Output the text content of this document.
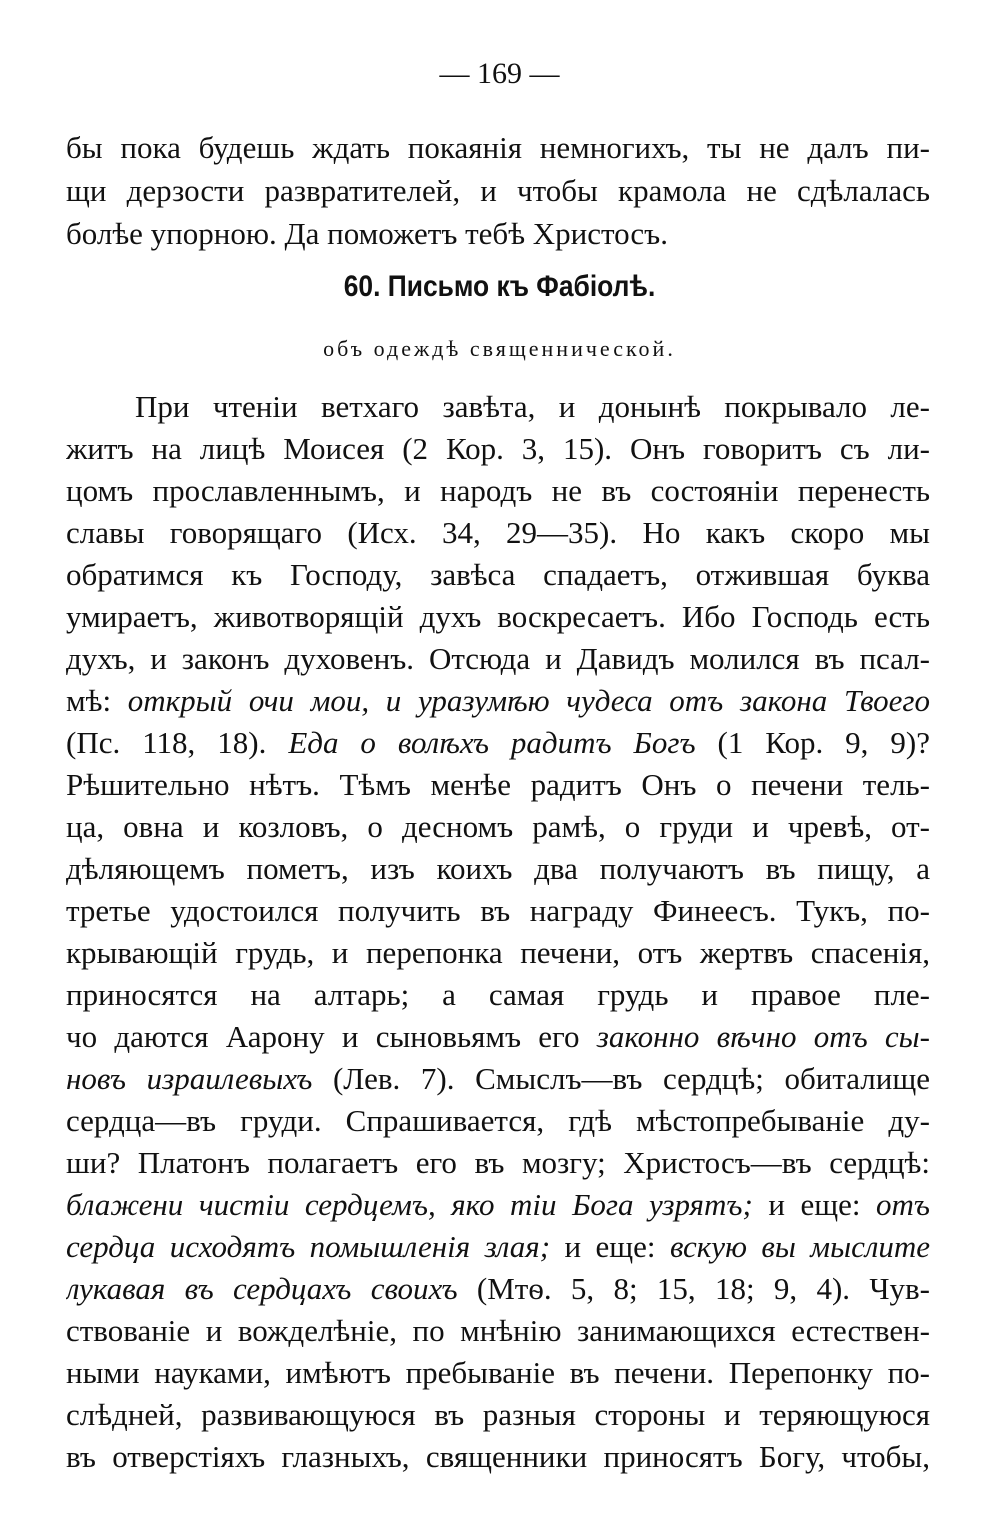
— 169 —
бы пока будешь ждать покаянія немногихъ, ты не далъ пи-
щи дерзости развратителей, и чтобы крамола не сдѣлалась
болѣе упорною. Да поможетъ тебѣ Христосъ.
60. Письмо къ Фабіолѣ.
объ одеждѣ священнической.
При чтеніи ветхаго завѣта, и донынѣ покрывало ле-
житъ на лицѣ Моисея (2 Кор. 3, 15). Онъ говоритъ съ ли-
цомъ прославленнымъ, и народъ не въ состояніи перенесть
славы говорящаго (Исх. 34, 29—35). Но какъ скоро мы
обратимся къ Господу, завѣса спадаетъ, отжившая буква
умираетъ, животворящій духъ воскресаетъ. Ибо Господь есть
духъ, и законъ духовенъ. Отсюда и Давидъ молился въ псал-
мѣ: открый очи мои, и уразумѣю чудеса отъ закона Твоего
(Пс. 118, 18). Еда о волѣхъ радитъ Богъ (1 Кор. 9, 9)?
Рѣшительно нѣтъ. Тѣмъ менѣе радитъ Онъ о печени тель-
ца, овна и козловъ, о десномъ рамѣ, о груди и чревѣ, от-
дѣляющемъ пометъ, изъ коихъ два получаютъ въ пищу, а
третье удостоился получить въ награду Финеесъ. Тукъ, по-
крывающій грудь, и перепонка печени, отъ жертвъ спасенія,
приносятся на алтарь; а самая грудь и правое пле-
чо даются Аарону и сыновьямъ его законно вѣчно отъ сы-
новъ израилевыхъ (Лев. 7). Смыслъ—въ сердцѣ; обиталище
сердца—въ груди. Спрашивается, гдѣ мѣстопребываніе ду-
ши? Платонъ полагаетъ его въ мозгу; Христосъ—въ сердцѣ:
блажени чистіи сердцемъ, яко тіи Бога узрятъ; и еще: отъ
сердца исходятъ помышленія злая; и еще: вскую вы мыслите
лукавая въ сердцахъ своихъ (Мтѳ. 5, 8; 15, 18; 9, 4). Чув-
ствованіе и вожделѣніе, по мнѣнію занимающихся естествен-
ными науками, имѣютъ пребываніе въ печени. Перепонку по-
слѣдней, развивающуюся въ разныя стороны и теряющуюся
въ отверстіяхъ глазныхъ, священники приносятъ Богу, чтобы,
